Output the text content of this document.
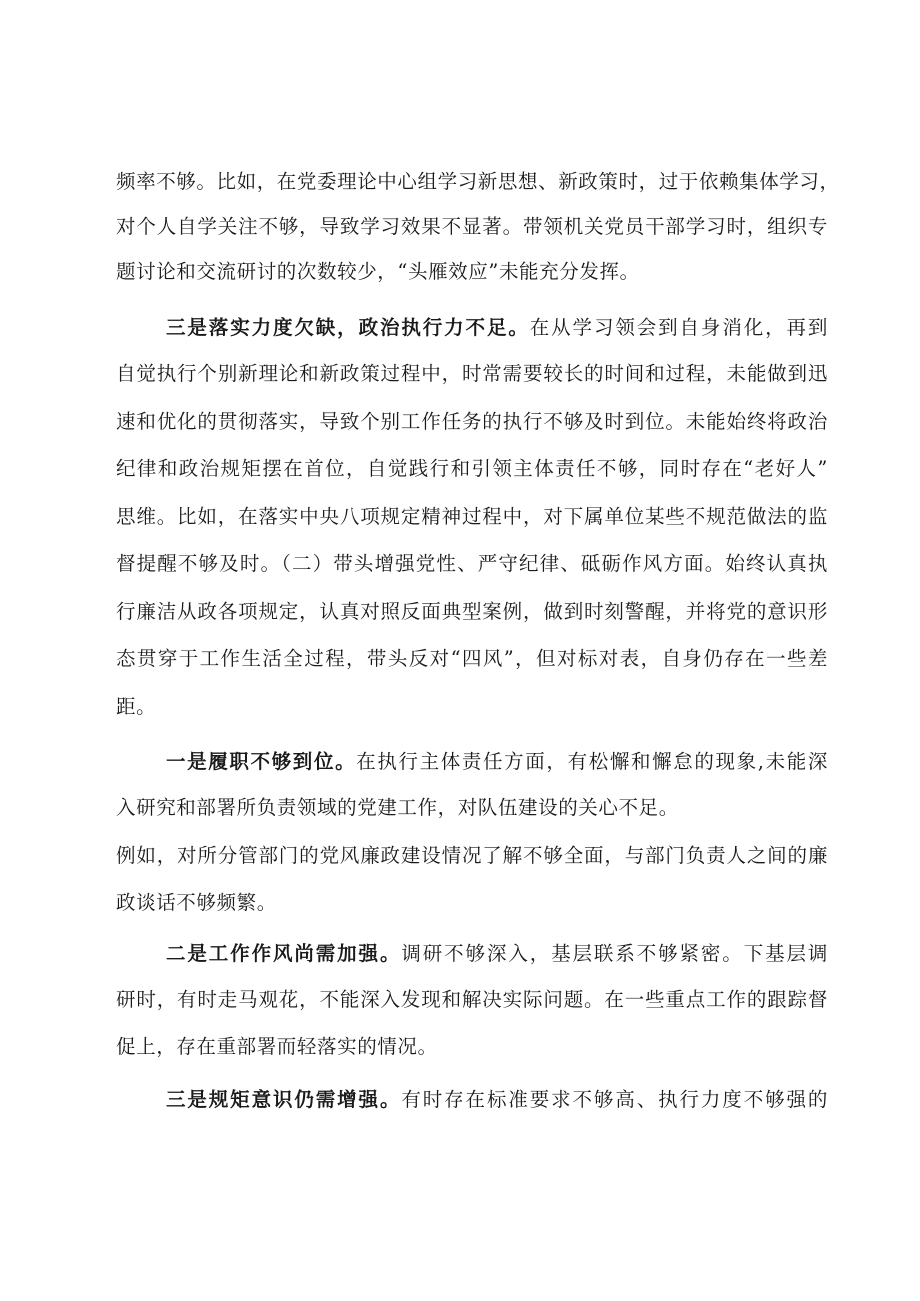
频率不够。比如，在党委理论中心组学习新思想、新政策时，过于依赖集体学习，
对个人自学关注不够，导致学习效果不显著。带领机关党员干部学习时，组织专
题讨论和交流研讨的次数较少，“头雁效应”未能充分发挥。
三是落实力度欠缺，政治执行力不足。在从学习领会到自身消化，再到
自觉执行个别新理论和新政策过程中，时常需要较长的时间和过程，未能做到迅
速和优化的贯彻落实，导致个别工作任务的执行不够及时到位。未能始终将政治
纪律和政治规矩摆在首位，自觉践行和引领主体责任不够，同时存在“老好人”
思维。比如，在落实中央八项规定精神过程中，对下属单位某些不规范做法的监
督提醒不够及时。（二）带头增强党性、严守纪律、砥砺作风方面。始终认真执
行廉洁从政各项规定，认真对照反面典型案例，做到时刻警醒，并将党的意识形
态贯穿于工作生活全过程，带头反对“四风”，但对标对表，自身仍存在一些差
距。
一是履职不够到位。在执行主体责任方面，有松懈和懈怠的现象,未能深
入研究和部署所负责领域的党建工作，对队伍建设的关心不足。
例如，对所分管部门的党风廉政建设情况了解不够全面，与部门负责人之间的廉
政谈话不够频繁。
二是工作作风尚需加强。调研不够深入，基层联系不够紧密。下基层调
研时，有时走马观花，不能深入发现和解决实际问题。在一些重点工作的跟踪督
促上，存在重部署而轻落实的情况。
三是规矩意识仍需增强。有时存在标准要求不够高、执行力度不够强的
